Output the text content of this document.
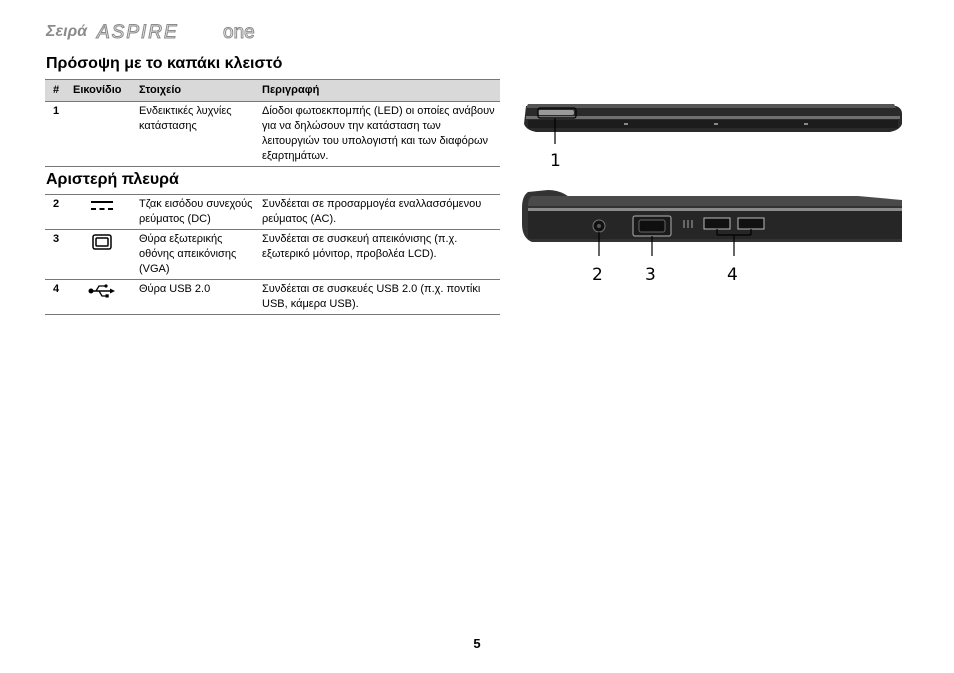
Σειρά ASPIRE one
Πρόσοψη με το καπάκι κλειστό
#	Εικονίδιο	Στοιχείο	Περιγραφή
1		Ενδεικτικές λυχνίες κατάστασης	Δίοδοι φωτοεκπομπής (LED) οι οποίες ανάβουν για να δηλώσουν την κατάσταση των λειτουργιών του υπολογιστή και των διαφόρων εξαρτημάτων.
Αριστερή πλευρά
2		Τζακ εισόδου συνεχούς ρεύματος (DC)	Συνδέεται σε προσαρμογέα εναλλασσόμενου ρεύματος (AC).
3		Θύρα εξωτερικής οθόνης απεικόνισης (VGA)	Συνδέεται σε συσκευή απεικόνισης (π.χ. εξωτερικό μόνιτορ, προβολέα LCD).
4		Θύρα USB 2.0	Συνδέεται σε συσκευές USB 2.0 (π.χ. ποντίκι USB, κάμερα USB).
1
2 3	4
5
